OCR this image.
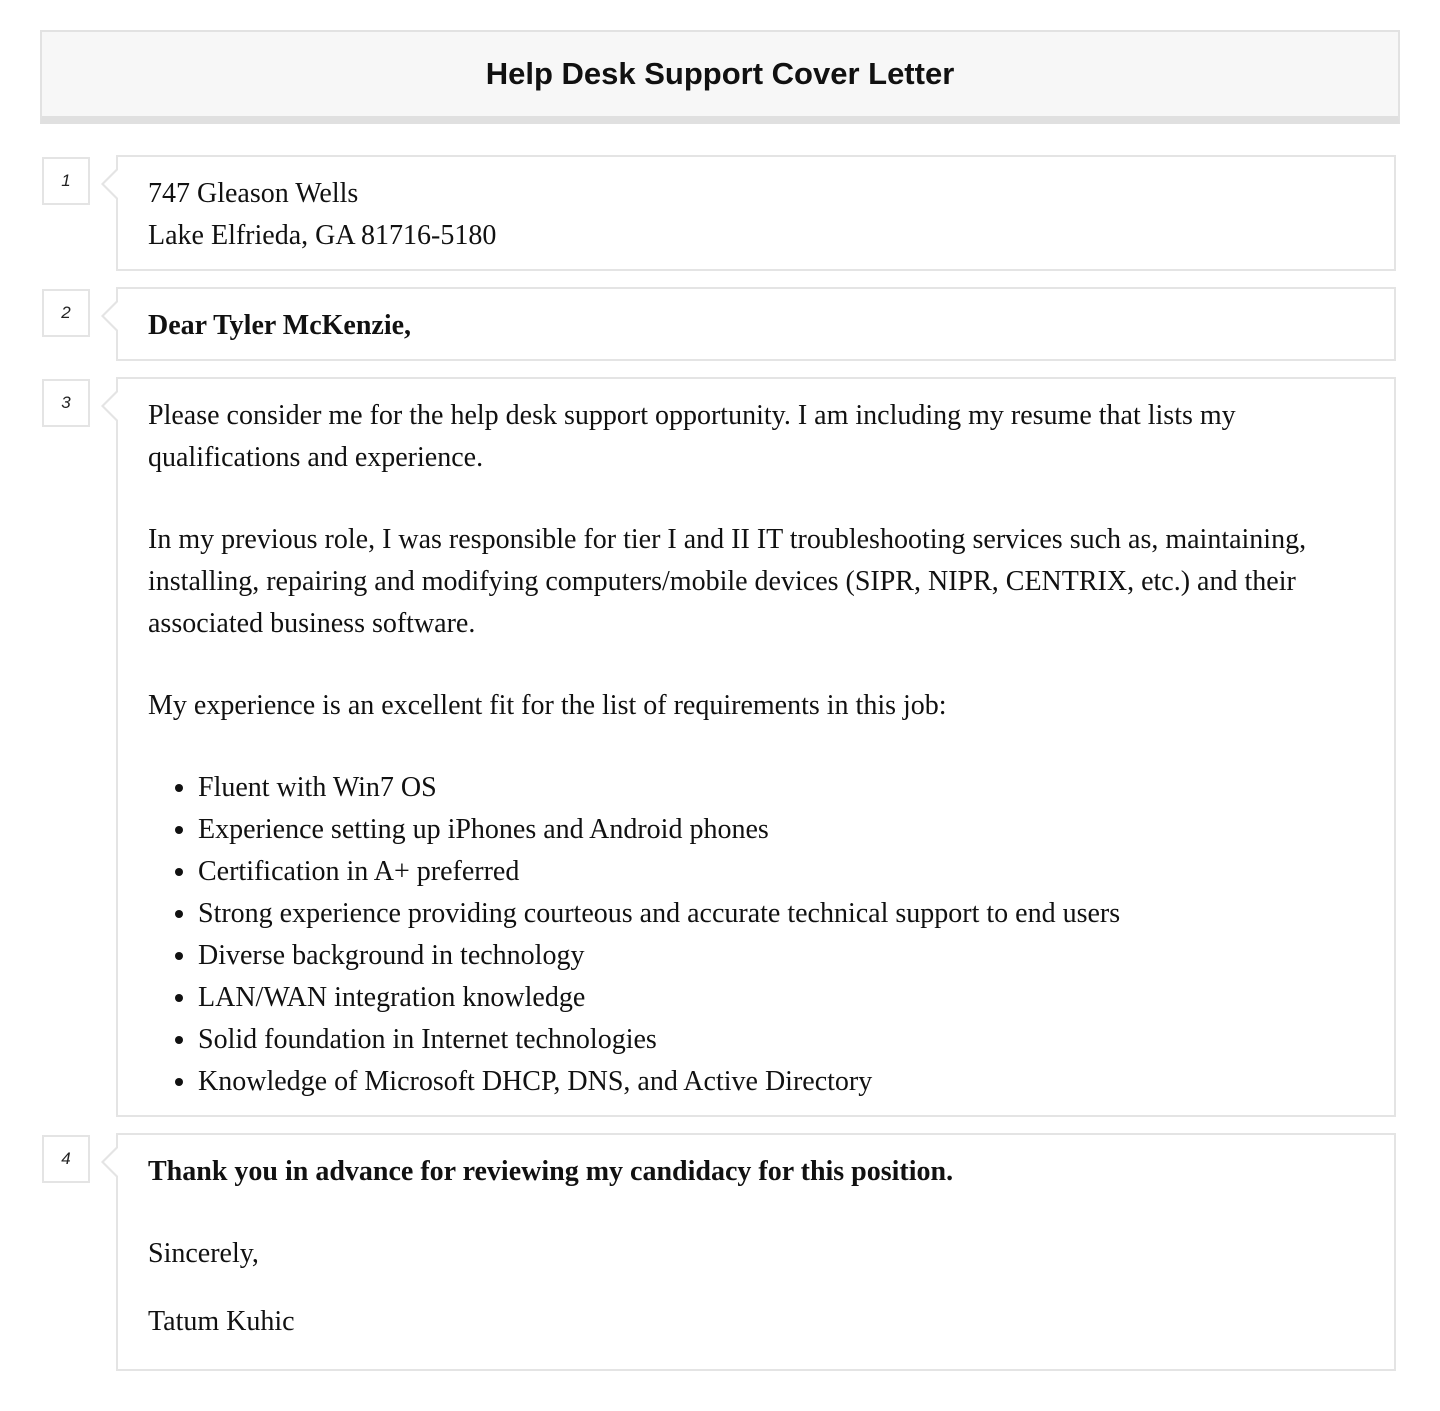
Help Desk Support Cover Letter
1	747 Gleason Wells

Lake Elfrieda, GA 81716-5180

2	Dear Tyler McKenzie,

3	Please consider me for the help desk support opportunity. I am including my resume that lists my qualifications and experience.

In my previous role, I was responsible for tier I and II IT troubleshooting services such as, maintaining, installing, repairing and modifying computers/mobile devices (SIPR, NIPR, CENTRIX, etc.) and their associated business software.

My experience is an excellent fit for the list of requirements in this job:

• Fluent with Win7 OS
• Experience setting up iPhones and Android phones
• Certification in A+ preferred
• Strong experience providing courteous and accurate technical support to end users
• Diverse background in technology
• LAN/WAN integration knowledge
• Solid foundation in Internet technologies
• Knowledge of Microsoft DHCP, DNS, and Active Directory
4	Thank you in advance for reviewing my candidacy for this position.

Sincerely,

Tatum Kuhic
